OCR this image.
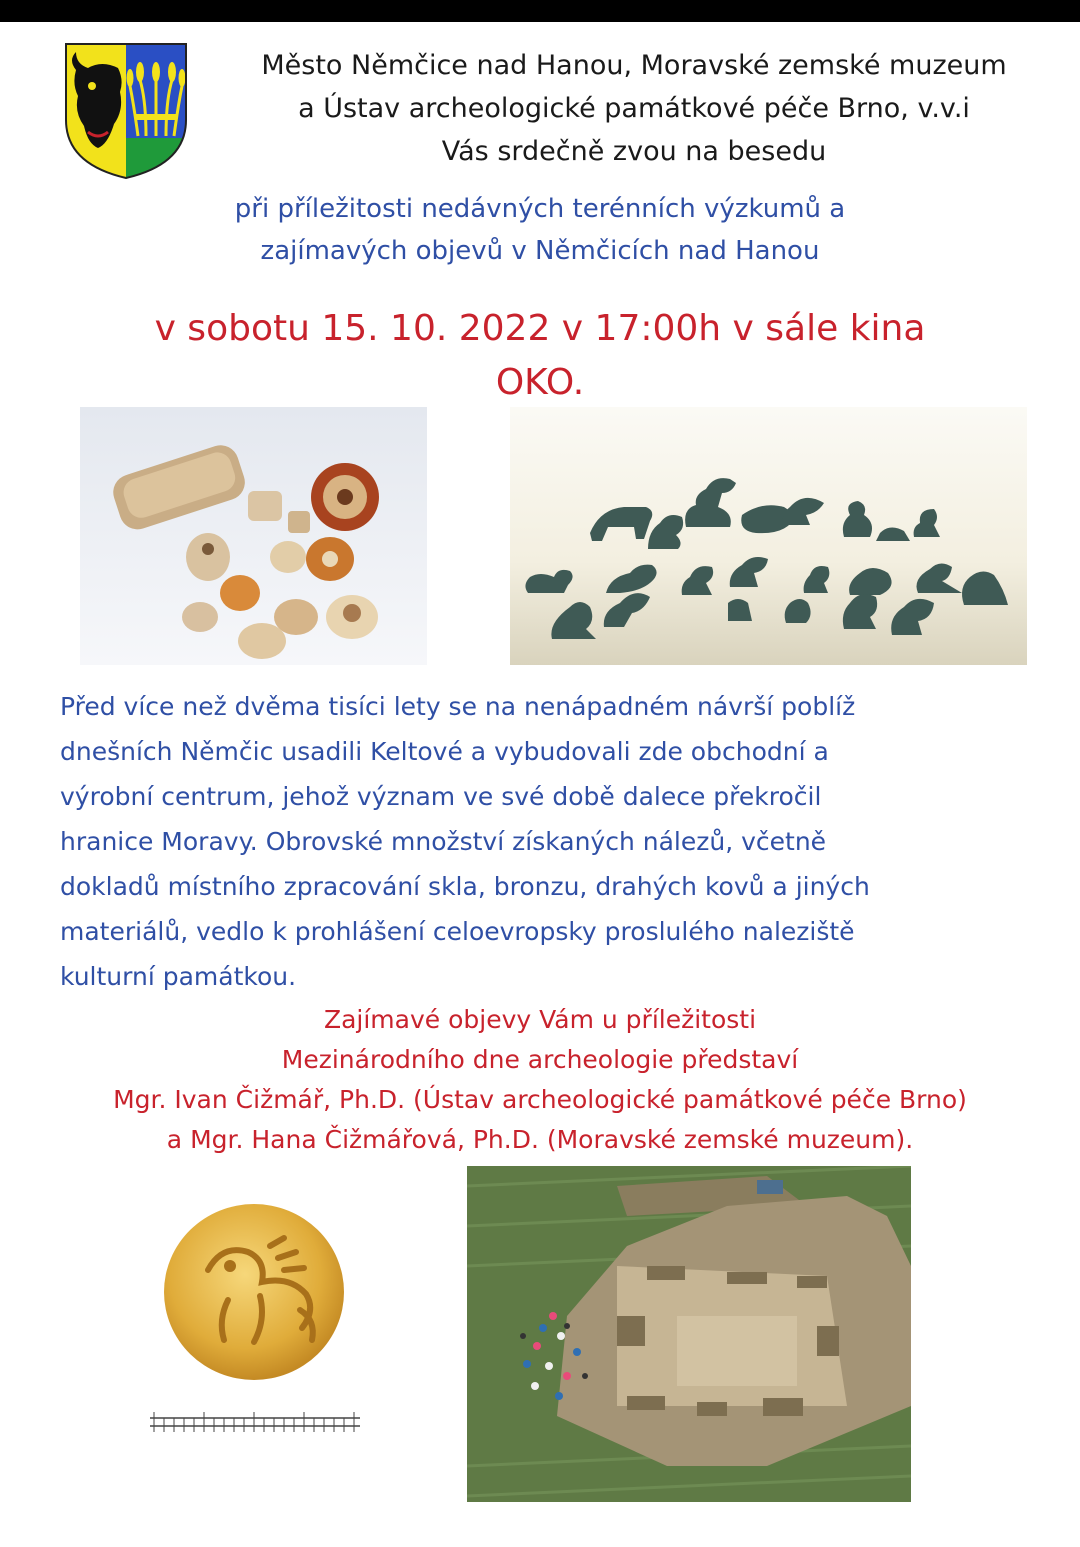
Město Němčice nad Hanou, Moravské zemské muzeum
a Ústav archeologické památkové péče Brno, v.v.i
Vás srdečně zvou na besedu
při příležitosti nedávných terénních výzkumů a
zajímavých objevů v Němčicích nad Hanou
v sobotu 15. 10. 2022 v 17:00h v sále kina
OKO.
Před více než dvěma tisíci lety se na nenápadném návrší poblíž
dnešních Němčic usadili Keltové a vybudovali zde obchodní a
výrobní centrum, jehož význam ve své době dalece překročil
hranice Moravy. Obrovské množství získaných nálezů, včetně
dokladů místního zpracování skla, bronzu, drahých kovů a jiných
materiálů, vedlo k prohlášení celoevropsky proslulého naleziště
kulturní památkou.
Zajímavé objevy Vám u příležitosti
Mezinárodního dne archeologie představí
Mgr. Ivan Čižmář, Ph.D. (Ústav archeologické památkové péče Brno)
a Mgr. Hana Čižmářová, Ph.D. (Moravské zemské muzeum).
